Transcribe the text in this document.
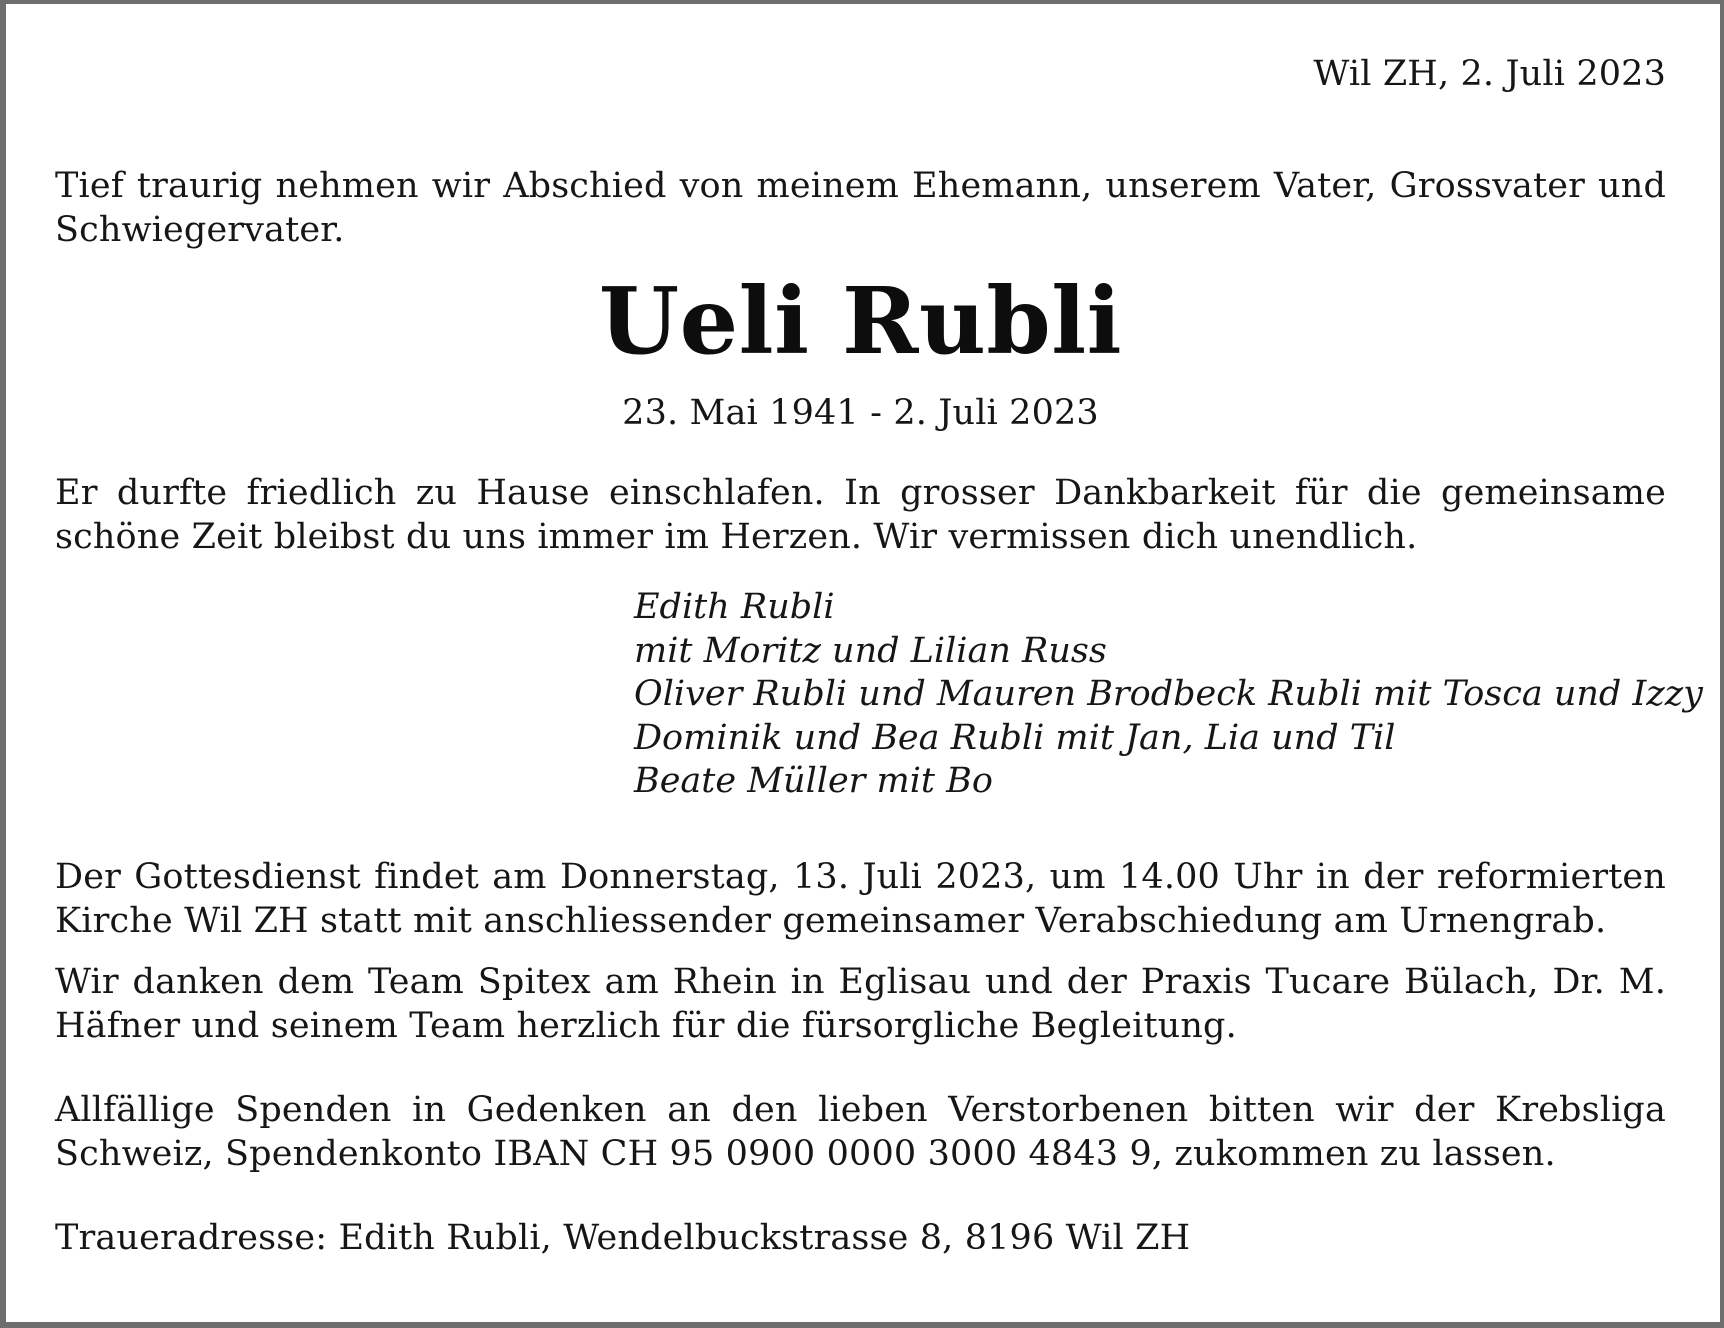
Wil ZH, 2. Juli 2023
Tief traurig nehmen wir Abschied von meinem Ehemann, unserem Vater, Grossvater und Schwiegervater.
Ueli Rubli
23. Mai 1941 - 2. Juli 2023
Er durfte friedlich zu Hause einschlafen. In grosser Dankbarkeit für die gemeinsame schöne Zeit bleibst du uns immer im Herzen. Wir vermissen dich unendlich.
Edith Rubli
mit Moritz und Lilian Russ
Oliver Rubli und Mauren Brodbeck Rubli mit Tosca und Izzy
Dominik und Bea Rubli mit Jan, Lia und Til
Beate Müller mit Bo
Der Gottesdienst findet am Donnerstag, 13. Juli 2023, um 14.00 Uhr in der reformierten Kirche Wil ZH statt mit anschliessender gemeinsamer Verabschiedung am Urnengrab.
Wir danken dem Team Spitex am Rhein in Eglisau und der Praxis Tucare Bülach, Dr. M. Häfner und seinem Team herzlich für die fürsorgliche Begleitung.
Allfällige Spenden in Gedenken an den lieben Verstorbenen bitten wir der Krebsliga Schweiz, Spendenkonto IBAN CH 95 0900 0000 3000 4843 9, zukommen zu lassen.
Traueradresse: Edith Rubli, Wendelbuckstrasse 8, 8196 Wil ZH
